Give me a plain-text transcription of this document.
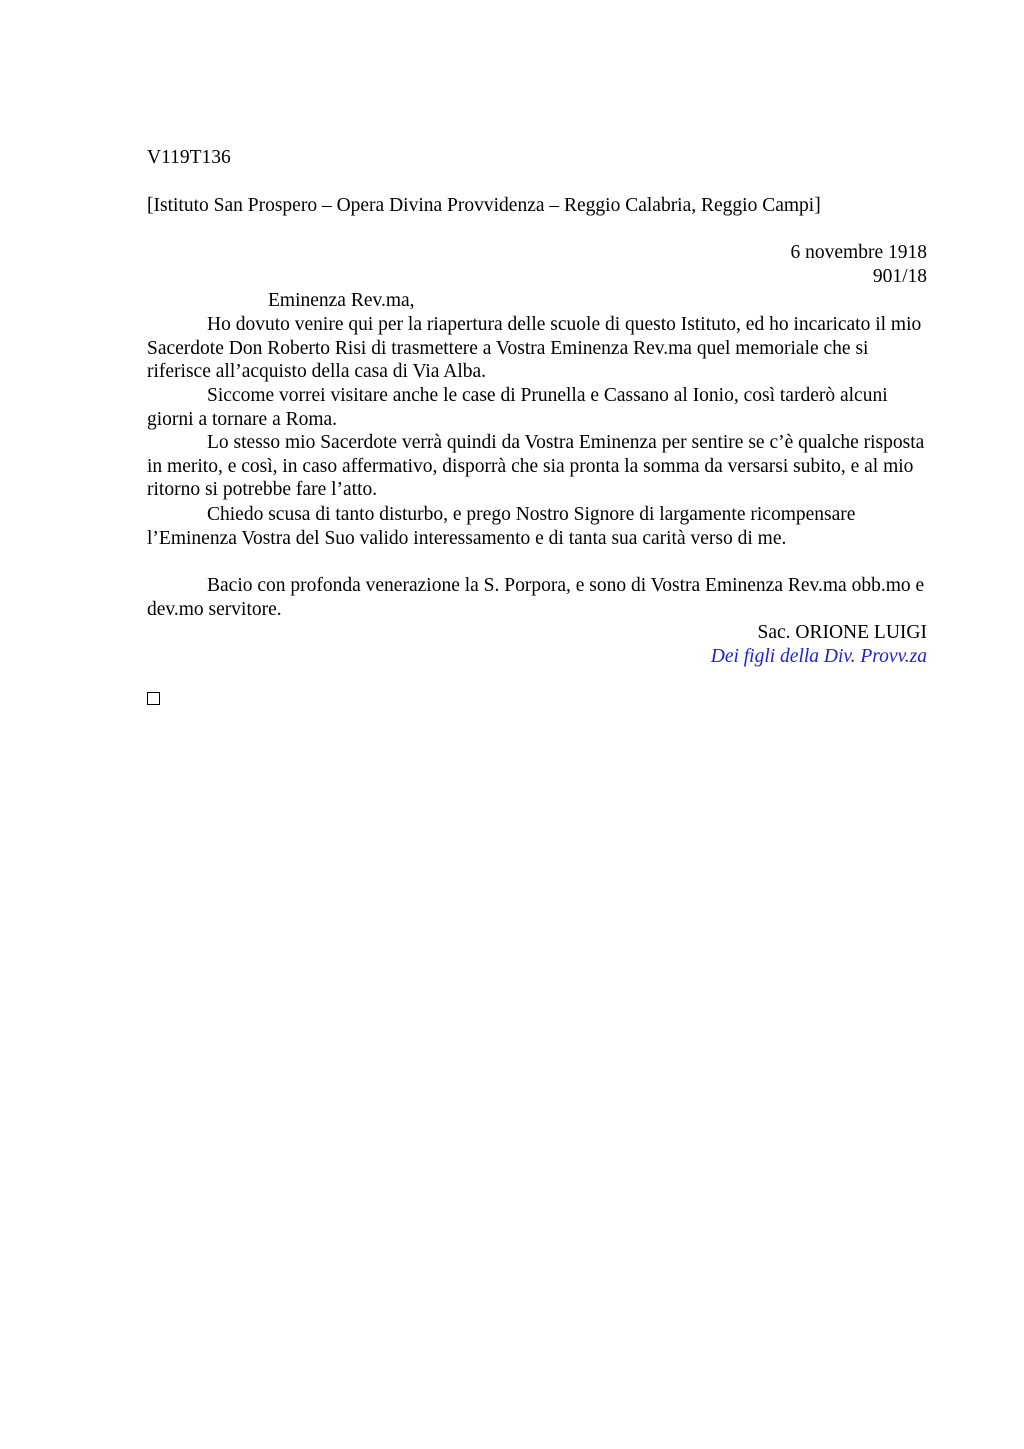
V119T136
[Istituto San Prospero – Opera Divina Provvidenza – Reggio Calabria, Reggio Campi]
6 novembre 1918
901/18
Eminenza Rev.ma,
Ho dovuto venire qui per la riapertura delle scuole di questo Istituto, ed ho incaricato il mio Sacerdote Don Roberto Risi di trasmettere a Vostra Eminenza Rev.ma quel memoriale che si riferisce all’acquisto della casa di Via Alba.
Siccome vorrei visitare anche le case di Prunella e Cassano al Ionio, così tarderò alcuni giorni a tornare a Roma.
Lo stesso mio Sacerdote verrà quindi da Vostra Eminenza per sentire se c’è qualche risposta in merito, e così, in caso affermativo, disporrà che sia pronta la somma da versarsi subito, e al mio ritorno si potrebbe fare l’atto.
Chiedo scusa di tanto disturbo, e prego Nostro Signore di largamente ricompensare l’Eminenza Vostra del Suo valido interessamento e di tanta sua carità verso di me.
Bacio con profonda venerazione la S. Porpora, e sono di Vostra Eminenza Rev.ma obb.mo e dev.mo servitore.
Sac. ORIONE LUIGI
Dei figli della Div. Provv.za
